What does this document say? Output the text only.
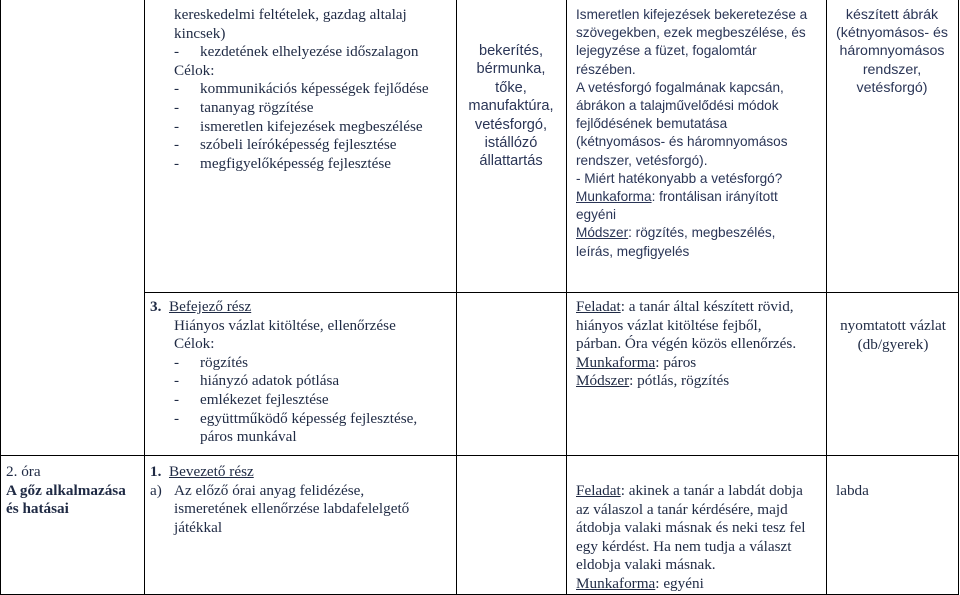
kereskedelmi feltételek, gazdag altalaj
kincsek)
- kezdetének elhelyezése időszalagon
Célok:
- kommunikációs képességek fejlődése
- tananyag rögzítése
- ismeretlen kifejezések megbeszélése
- szóbeli leíróképesség fejlesztése
- megfigyelőképesség fejlesztése
bekerítés,
bérmunka,
tőke,
manufaktúra,
vetésforgó,
istállózó
állattartás
Ismeretlen kifejezések bekeretezése a
szövegekben, ezek megbeszélése, és
lejegyzése a füzet, fogalomtár
részében.
A vetésforgó fogalmának kapcsán,
ábrákon a talajművelődési módok
fejlődésének bemutatása
(kétnyomásos- és háromnyomásos
rendszer, vetésforgó).
- Miért hatékonyabb a vetésforgó?
Munkaforma: frontálisan irányított
egyéni
Módszer: rögzítés, megbeszélés,
leírás, megfigyelés
készített ábrák
(kétnyomásos- és
háromnyomásos
rendszer,
vetésforgó)
3. Befejező rész
Hiányos vázlat kitöltése, ellenőrzése
Célok:
- rögzítés
- hiányzó adatok pótlása
- emlékezet fejlesztése
- együttműködő képesség fejlesztése,
páros munkával
Feladat: a tanár által készített rövid,
hiányos vázlat kitöltése fejből,
párban. Óra végén közös ellenőrzés.
Munkaforma: páros
Módszer: pótlás, rögzítés
nyomtatott vázlat
(db/gyerek)
2. óra
A gőz alkalmazása
és hatásai
1. Bevezető rész
a) Az előző órai anyag felidézése,
ismeretének ellenőrzése labdafelelgető
játékkal
Feladat: akinek a tanár a labdát dobja
az válaszol a tanár kérdésére, majd
átdobja valaki másnak és neki tesz fel
egy kérdést. Ha nem tudja a választ
eldobja valaki másnak.
Munkaforma: egyéni
labda
